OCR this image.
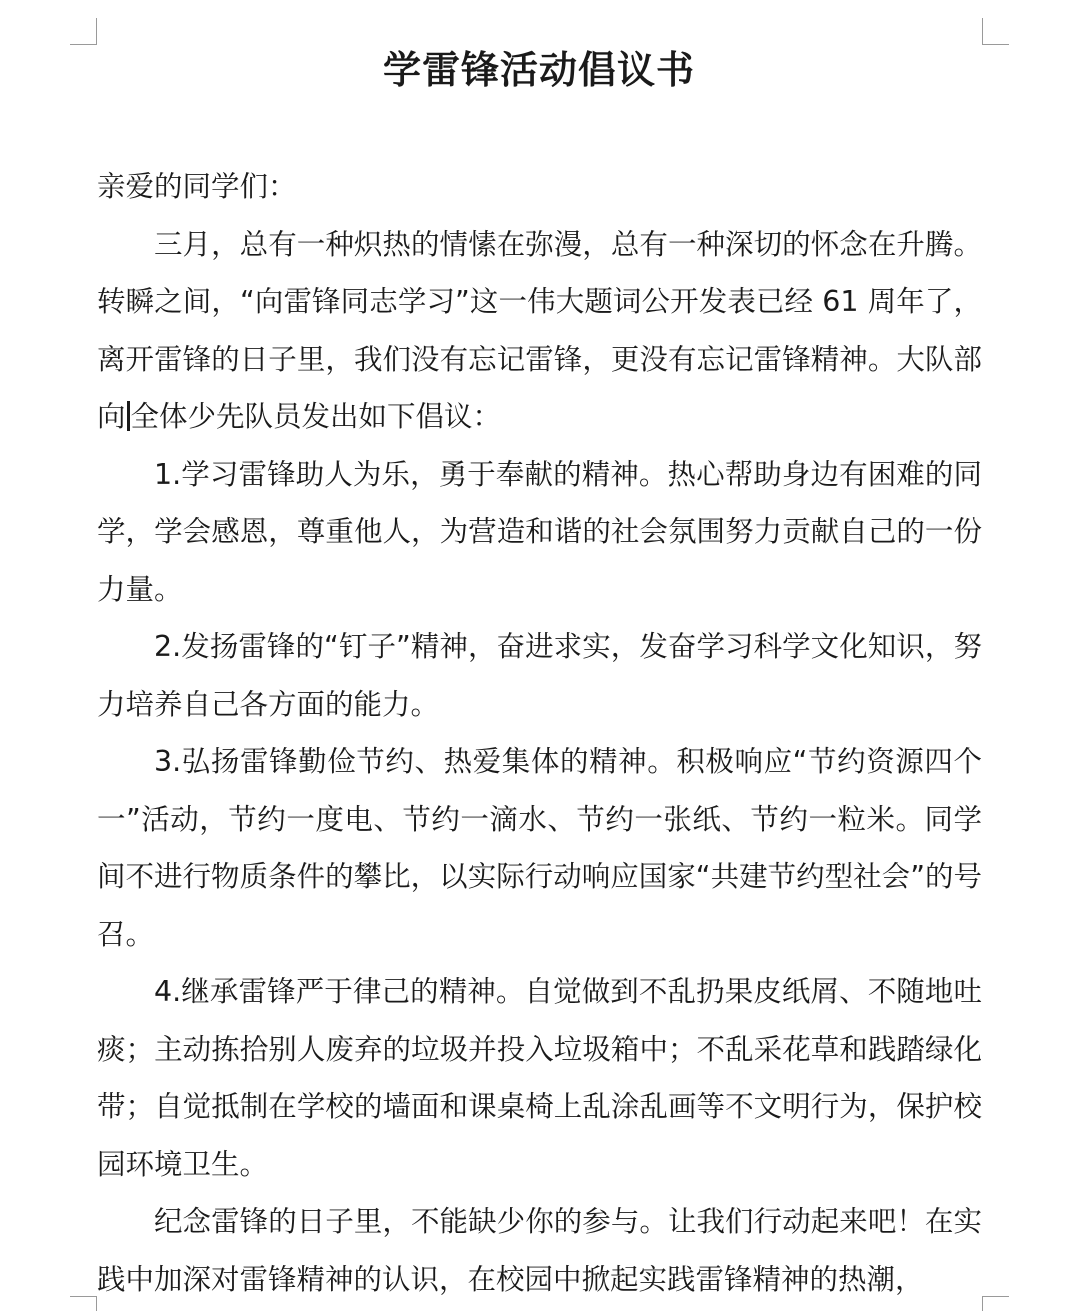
学雷锋活动倡议书

亲爱的同学们：

三月，总有一种炽热的情愫在弥漫，总有一种深切的怀念在升腾。转瞬之间，“向雷锋同志学习”这一伟大题词公开发表已经 61 周年了，离开雷锋的日子里，我们没有忘记雷锋，更没有忘记雷锋精神。大队部向 全体少先队员发出如下倡议：

1.学习雷锋助人为乐，勇于奉献的精神。热心帮助身边有困难的同学，学会感恩，尊重他人，为营造和谐的社会氛围努力贡献自己的一份力量。

2.发扬雷锋的“钉子”精神，奋进求实，发奋学习科学文化知识，努力培养自己各方面的能力。

3.弘扬雷锋勤俭节约、热爱集体的精神。积极响应“节约资源四个一”活动，节约一度电、节约一滴水、节约一张纸、节约一粒米。同学间不进行物质条件的攀比，以实际行动响应国家“共建节约型社会”的号召。

4.继承雷锋严于律己的精神。自觉做到不乱扔果皮纸屑、不随地吐痰；主动拣拾别人废弃的垃圾并投入垃圾箱中；不乱采花草和践踏绿化带；自觉抵制在学校的墙面和课桌椅上乱涂乱画等不文明行为，保护校园环境卫生。

纪念雷锋的日子里，不能缺少你的参与。让我们行动起来吧！在实践中加深对雷锋精神的认识，在校园中掀起实践雷锋精神的热潮，
